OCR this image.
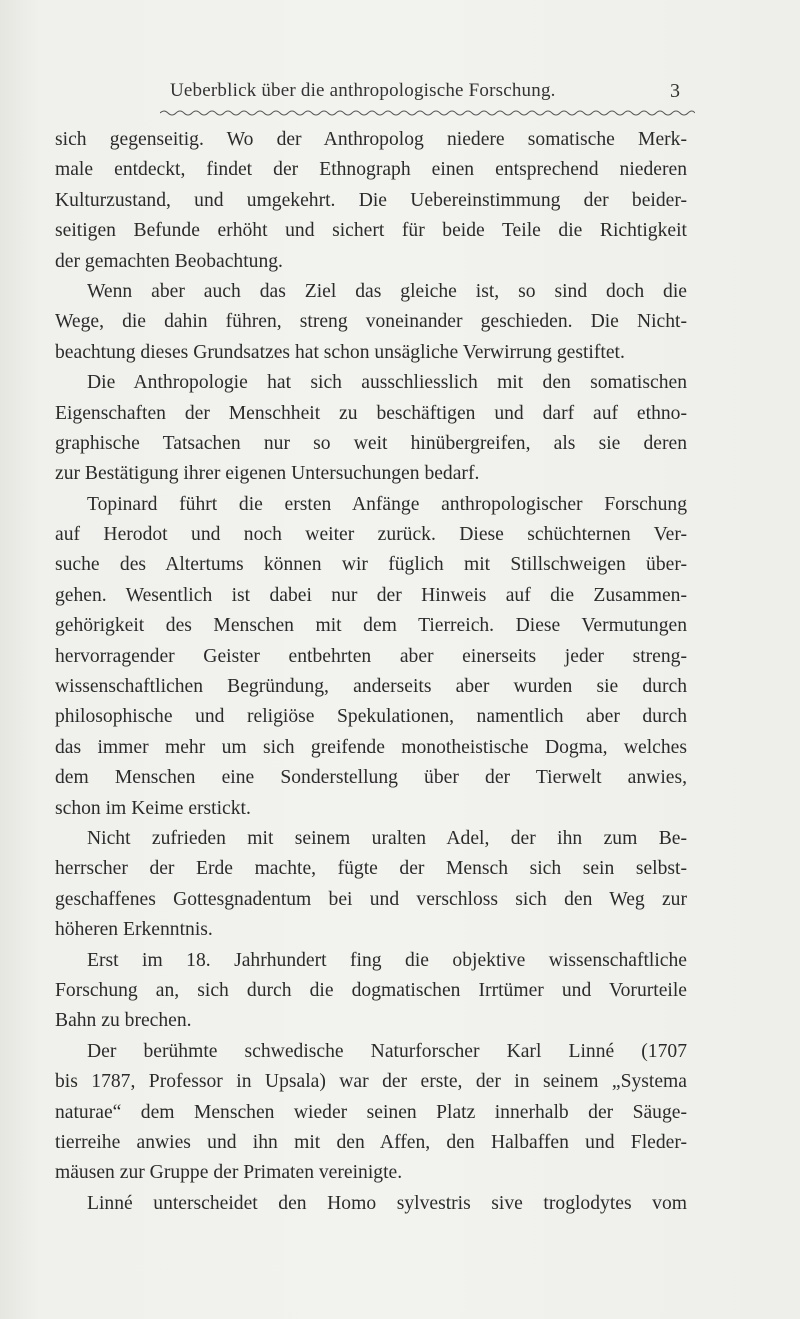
Ueberblick über die anthropologische Forschung.	3
sich gegenseitig. Wo der Anthropolog niedere somatische Merk-
male entdeckt, findet der Ethnograph einen entsprechend niederen
Kulturzustand, und umgekehrt. Die Uebereinstimmung der beider-
seitigen Befunde erhöht und sichert für beide Teile die Richtigkeit
der gemachten Beobachtung.
Wenn aber auch das Ziel das gleiche ist, so sind doch die
Wege, die dahin führen, streng voneinander geschieden. Die Nicht-
beachtung dieses Grundsatzes hat schon unsägliche Verwirrung gestiftet.
Die Anthropologie hat sich ausschliesslich mit den somatischen
Eigenschaften der Menschheit zu beschäftigen und darf auf ethno-
graphische Tatsachen nur so weit hinübergreifen, als sie deren
zur Bestätigung ihrer eigenen Untersuchungen bedarf.
Topinard führt die ersten Anfänge anthropologischer Forschung
auf Herodot und noch weiter zurück. Diese schüchternen Ver-
suche des Altertums können wir füglich mit Stillschweigen über-
gehen. Wesentlich ist dabei nur der Hinweis auf die Zusammen-
gehörigkeit des Menschen mit dem Tierreich. Diese Vermutungen
hervorragender Geister entbehrten aber einerseits jeder streng-
wissenschaftlichen Begründung, anderseits aber wurden sie durch
philosophische und religiöse Spekulationen, namentlich aber durch
das immer mehr um sich greifende monotheistische Dogma, welches
dem Menschen eine Sonderstellung über der Tierwelt anwies,
schon im Keime erstickt.
Nicht zufrieden mit seinem uralten Adel, der ihn zum Be-
herrscher der Erde machte, fügte der Mensch sich sein selbst-
geschaffenes Gottesgnadentum bei und verschloss sich den Weg zur
höheren Erkenntnis.
Erst im 18. Jahrhundert fing die objektive wissenschaftliche
Forschung an, sich durch die dogmatischen Irrtümer und Vorurteile
Bahn zu brechen.
Der berühmte schwedische Naturforscher Karl Linné (1707
bis 1787, Professor in Upsala) war der erste, der in seinem „Systema
naturae“ dem Menschen wieder seinen Platz innerhalb der Säuge-
tierreihe anwies und ihn mit den Affen, den Halbaffen und Fleder-
mäusen zur Gruppe der Primaten vereinigte.
Linné unterscheidet den Homo sylvestris sive troglodytes vom
